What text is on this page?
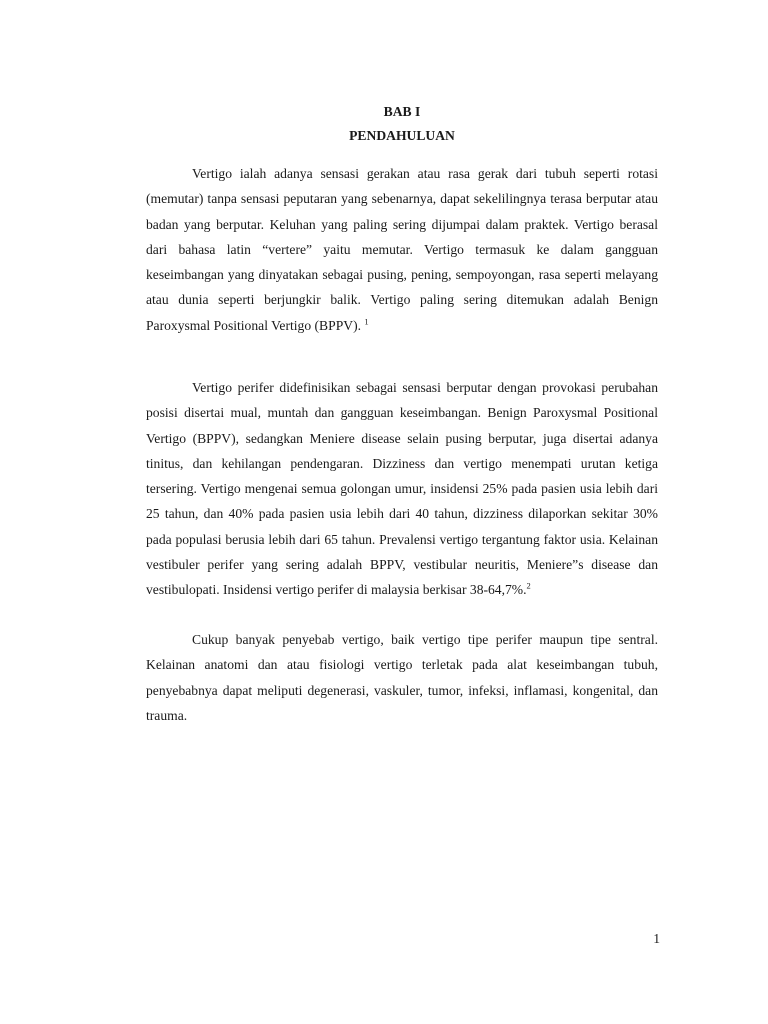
BAB I
PENDAHULUAN

Vertigo ialah adanya sensasi gerakan atau rasa gerak dari tubuh seperti rotasi (memutar) tanpa sensasi peputaran yang sebenarnya, dapat sekelilingnya terasa berputar atau badan yang berputar. Keluhan yang paling sering dijumpai dalam praktek. Vertigo berasal dari bahasa latin “vertere” yaitu memutar. Vertigo termasuk ke dalam gangguan keseimbangan yang dinyatakan sebagai pusing, pening, sempoyongan, rasa seperti melayang atau dunia seperti berjungkir balik. Vertigo paling sering ditemukan adalah Benign Paroxysmal Positional Vertigo (BPPV). $^1$

Vertigo perifer didefinisikan sebagai sensasi berputar dengan provokasi perubahan posisi disertai mual, muntah dan gangguan keseimbangan. Benign Paroxysmal Positional Vertigo (BPPV), sedangkan Meniere disease selain pusing berputar, juga disertai adanya tinitus, dan kehilangan pendengaran. Dizziness dan vertigo menempati urutan ketiga tersering. Vertigo mengenai semua golongan umur, insidensi 25% pada pasien usia lebih dari 25 tahun, dan 40% pada pasien usia lebih dari 40 tahun, dizziness dilaporkan sekitar 30% pada populasi berusia lebih dari 65 tahun. Prevalensi vertigo tergantung faktor usia. Kelainan vestibuler perifer yang sering adalah BPPV, vestibular neuritis, Meniere”s disease dan vestibulopati. Insidensi vertigo perifer di malaysia berkisar 38-64,7%.$^2$

Cukup banyak penyebab vertigo, baik vertigo tipe perifer maupun tipe sentral. Kelainan anatomi dan atau fisiologi vertigo terletak pada alat keseimbangan tubuh, penyebabnya dapat meliputi degenerasi, vaskuler, tumor, infeksi, inflamasi, kongenital, dan trauma.

1
